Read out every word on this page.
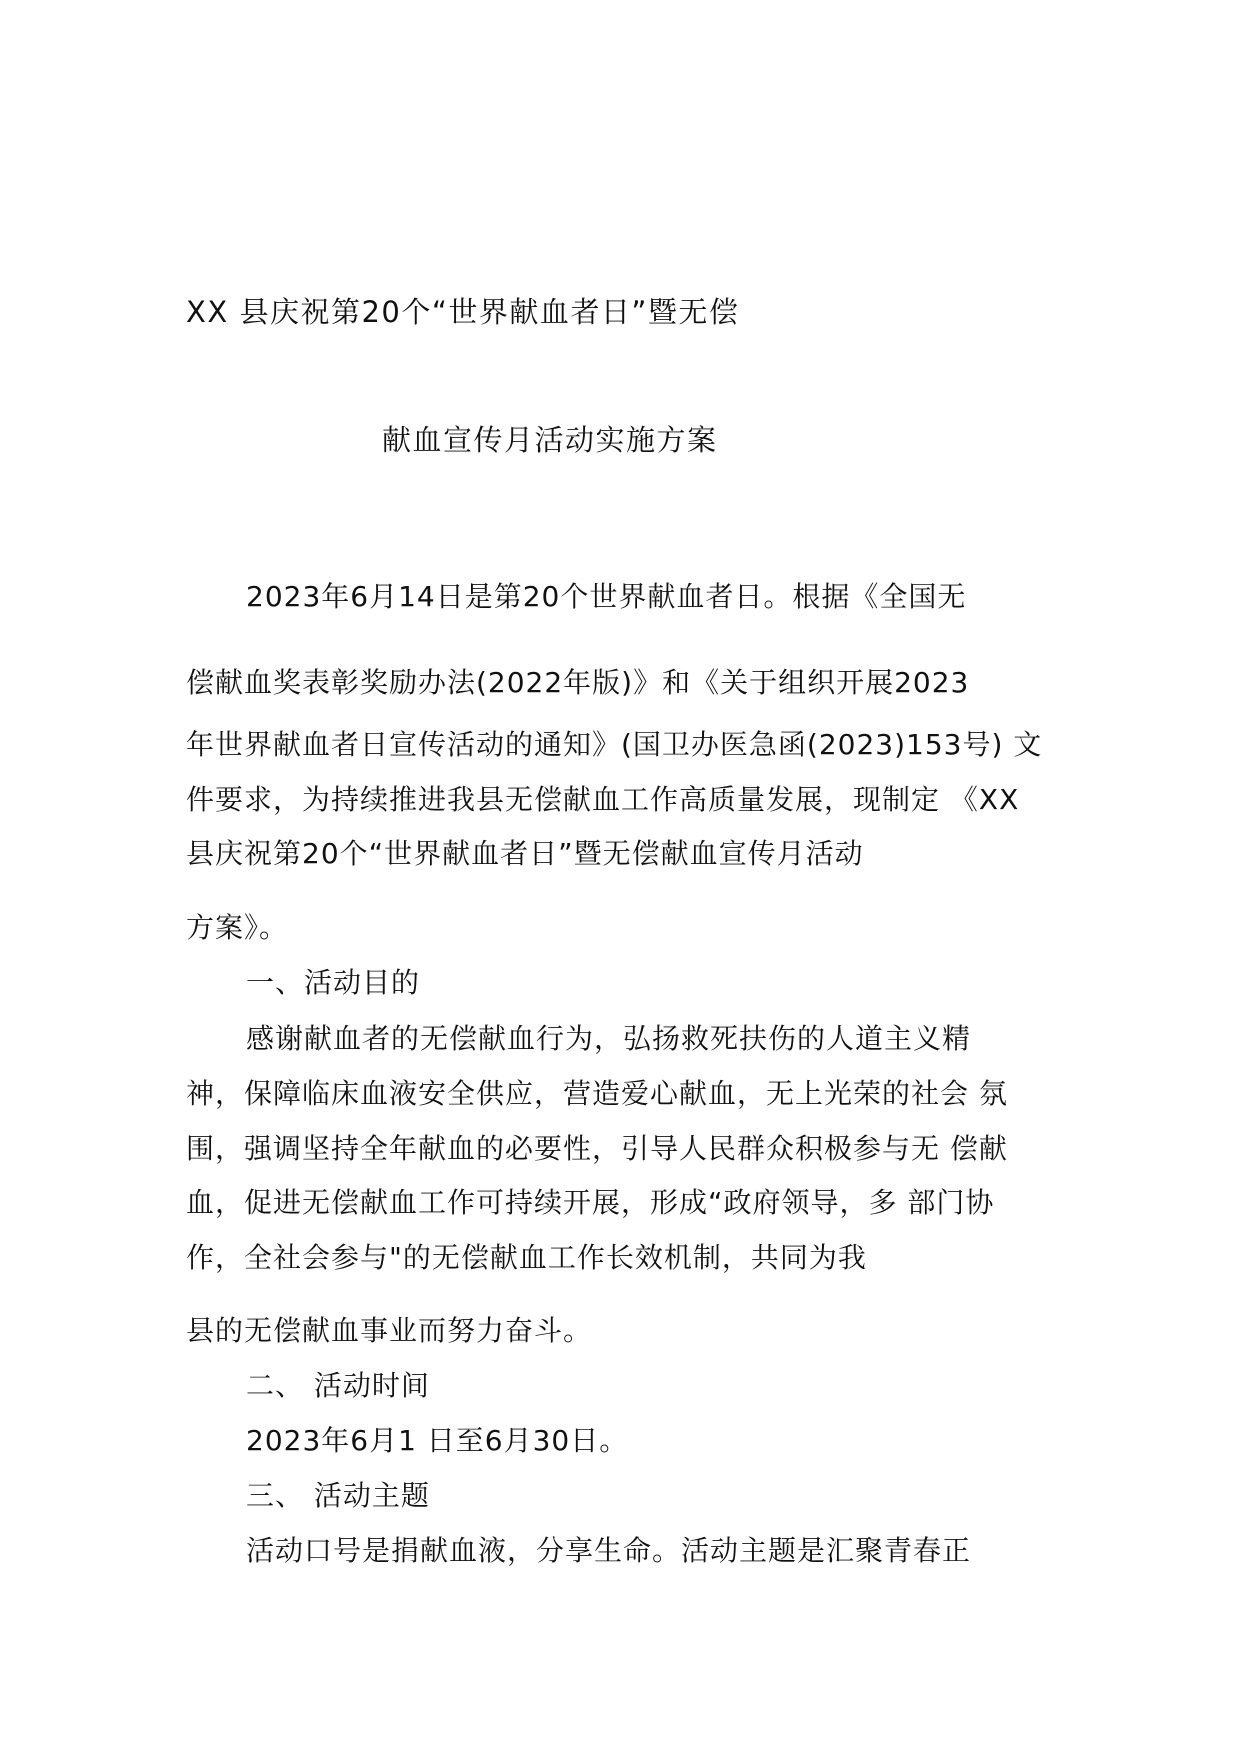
XX 县庆祝第20个“世界献血者日”暨无偿
献血宣传月活动实施方案
2023年6月14日是第20个世界献血者日。根据《全国无
偿献血奖表彰奖励办法(2022年版)》和《关于组织开展2023
年世界献血者日宣传活动的通知》(国卫办医急函(2023)153号) 文
件要求，为持续推进我县无偿献血工作高质量发展，现制定 《XX
县庆祝第20个“世界献血者日”暨无偿献血宣传月活动
方案》。
一、活动目的
感谢献血者的无偿献血行为，弘扬救死扶伤的人道主义精
神，保障临床血液安全供应，营造爱心献血，无上光荣的社会 氛
围，强调坚持全年献血的必要性，引导人民群众积极参与无 偿献
血，促进无偿献血工作可持续开展，形成“政府领导，多 部门协
作，全社会参与"的无偿献血工作长效机制，共同为我
县的无偿献血事业而努力奋斗。
二、 活动时间
2023年6月1 日至6月30日。
三、 活动主题
活动口号是捐献血液，分享生命。活动主题是汇聚青春正
